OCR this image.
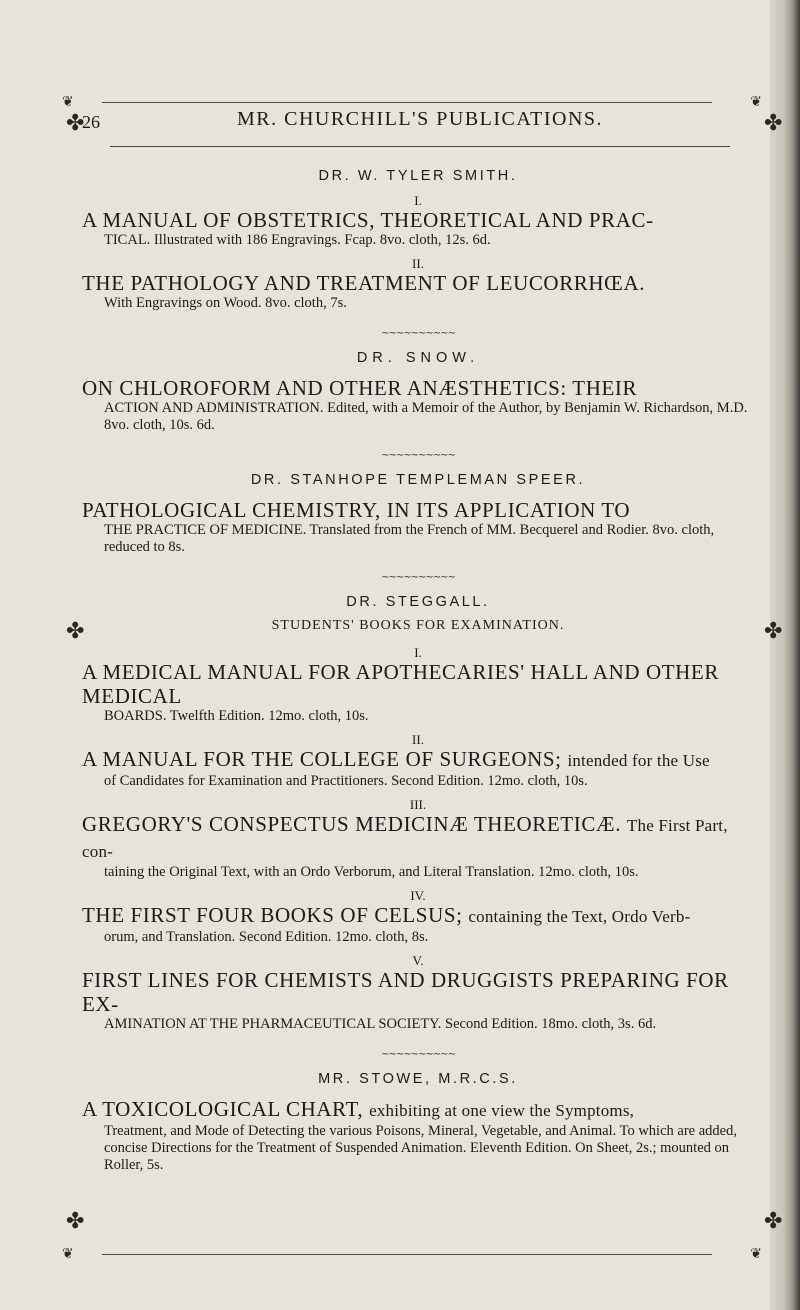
❦	❦
26	MR. CHURCHILL'S PUBLICATIONS.
✤	✤
✤	✤
✤	✤

DR. W. TYLER SMITH.

I.

A MANUAL OF OBSTETRICS, THEORETICAL AND PRAC-

TICAL. Illustrated with 186 Engravings. Fcap. 8vo. cloth, 12s. 6d.

II.

THE PATHOLOGY AND TREATMENT OF LEUCORRHŒA.

With Engravings on Wood. 8vo. cloth, 7s.

∼∼∼∼∼∼∼∼∼∼

DR. SNOW.

ON CHLOROFORM AND OTHER ANÆSTHETICS: THEIR

ACTION AND ADMINISTRATION. Edited, with a Memoir of the Author, by Benjamin W. Richardson, M.D. 8vo. cloth, 10s. 6d.

∼∼∼∼∼∼∼∼∼∼

DR. STANHOPE TEMPLEMAN SPEER.

PATHOLOGICAL CHEMISTRY, IN ITS APPLICATION TO

THE PRACTICE OF MEDICINE. Translated from the French of MM. Becquerel and Rodier. 8vo. cloth, reduced to 8s.

∼∼∼∼∼∼∼∼∼∼

DR. STEGGALL.

STUDENTS' BOOKS FOR EXAMINATION.

I.

A MEDICAL MANUAL FOR APOTHECARIES' HALL AND OTHER MEDICAL

BOARDS. Twelfth Edition. 12mo. cloth, 10s.

II.

A MANUAL FOR THE COLLEGE OF SURGEONS; intended for the Use

of Candidates for Examination and Practitioners. Second Edition. 12mo. cloth, 10s.

III.

GREGORY'S CONSPECTUS MEDICINÆ THEORETICÆ. The First Part, con-

taining the Original Text, with an Ordo Verborum, and Literal Translation. 12mo. cloth, 10s.

IV.

THE FIRST FOUR BOOKS OF CELSUS; containing the Text, Ordo Verb-

orum, and Translation. Second Edition. 12mo. cloth, 8s.

V.

FIRST LINES FOR CHEMISTS AND DRUGGISTS PREPARING FOR EX-

AMINATION AT THE PHARMACEUTICAL SOCIETY. Second Edition. 18mo. cloth, 3s. 6d.

∼∼∼∼∼∼∼∼∼∼

MR. STOWE, M.R.C.S.

A TOXICOLOGICAL CHART, exhibiting at one view the Symptoms,

Treatment, and Mode of Detecting the various Poisons, Mineral, Vegetable, and Animal. To which are added, concise Directions for the Treatment of Suspended Animation. Eleventh Edition. On Sheet, 2s.; mounted on Roller, 5s.

❦	❦
